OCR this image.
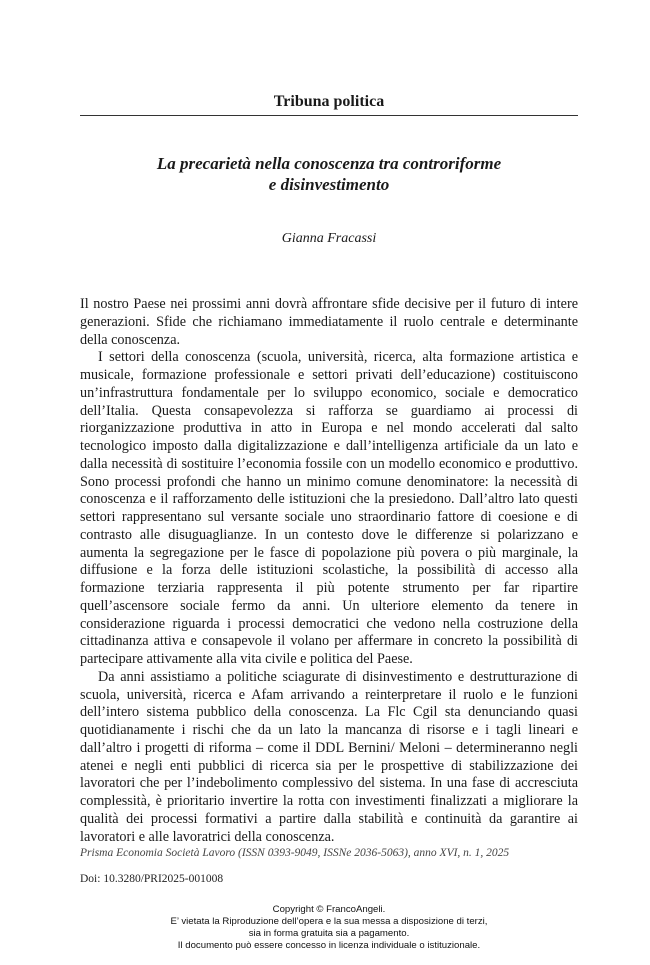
Tribuna politica
La precarietà nella conoscenza tra controriforme
e disinvestimento
Gianna Fracassi

Il nostro Paese nei prossimi anni dovrà affrontare sfide decisive per il futuro di intere generazioni. Sfide che richiamano immediatamente il ruolo centrale e determinante della conoscenza.

I settori della conoscenza (scuola, università, ricerca, alta formazione artistica e musicale, formazione professionale e settori privati dell’educazione) costituiscono un’infrastruttura fondamentale per lo sviluppo economico, sociale e democratico dell’Italia. Questa consapevolezza si rafforza se guardiamo ai processi di riorganizzazione produttiva in atto in Europa e nel mondo accelerati dal salto tecnologico imposto dalla digitalizzazione e dall’intelligenza artificiale da un lato e dalla necessità di sostituire l’economia fossile con un modello economico e produttivo. Sono processi profondi che hanno un minimo comune denominatore: la necessità di conoscenza e il rafforzamento delle istituzioni che la presiedono. Dall’altro lato questi settori rappresentano sul versante sociale uno straordinario fattore di coesione e di contrasto alle disuguaglianze. In un contesto dove le differenze si polarizzano e aumenta la segregazione per le fasce di popolazione più povera o più marginale, la diffusione e la forza delle istituzioni scolastiche, la possibilità di accesso alla formazione terziaria rappresenta il più potente strumento per far ripartire quell’ascensore sociale fermo da anni. Un ulteriore elemento da tenere in considerazione riguarda i processi democratici che vedono nella costruzione della cittadinanza attiva e consapevole il volano per affermare in concreto la possibilità di partecipare attivamente alla vita civile e politica del Paese.

Da anni assistiamo a politiche sciagurate di disinvestimento e destrutturazione di scuola, università, ricerca e Afam arrivando a reinterpretare il ruolo e le funzioni dell’intero sistema pubblico della conoscenza. La Flc Cgil sta denunciando quasi quotidianamente i rischi che da un lato la mancanza di risorse e i tagli lineari e dall’altro i progetti di riforma – come il DDL Bernini/ Meloni – determineranno negli atenei e negli enti pubblici di ricerca sia per le prospettive di stabilizzazione dei lavoratori che per l’indebolimento complessivo del sistema. In una fase di accresciuta complessità, è prioritario invertire la rotta con investimenti finalizzati a migliorare la qualità dei processi formativi a partire dalla stabilità e continuità da garantire ai lavoratori e alle lavoratrici della conoscenza.

Prisma Economia Società Lavoro (ISSN 0393-9049, ISSNe 2036-5063), anno XVI, n. 1, 2025
Doi: 10.3280/PRI2025-001008
Copyright © FrancoAngeli.
E’ vietata la Riproduzione dell’opera e la sua messa a disposizione di terzi,
sia in forma gratuita sia a pagamento.
Il documento può essere concesso in licenza individuale o istituzionale.
